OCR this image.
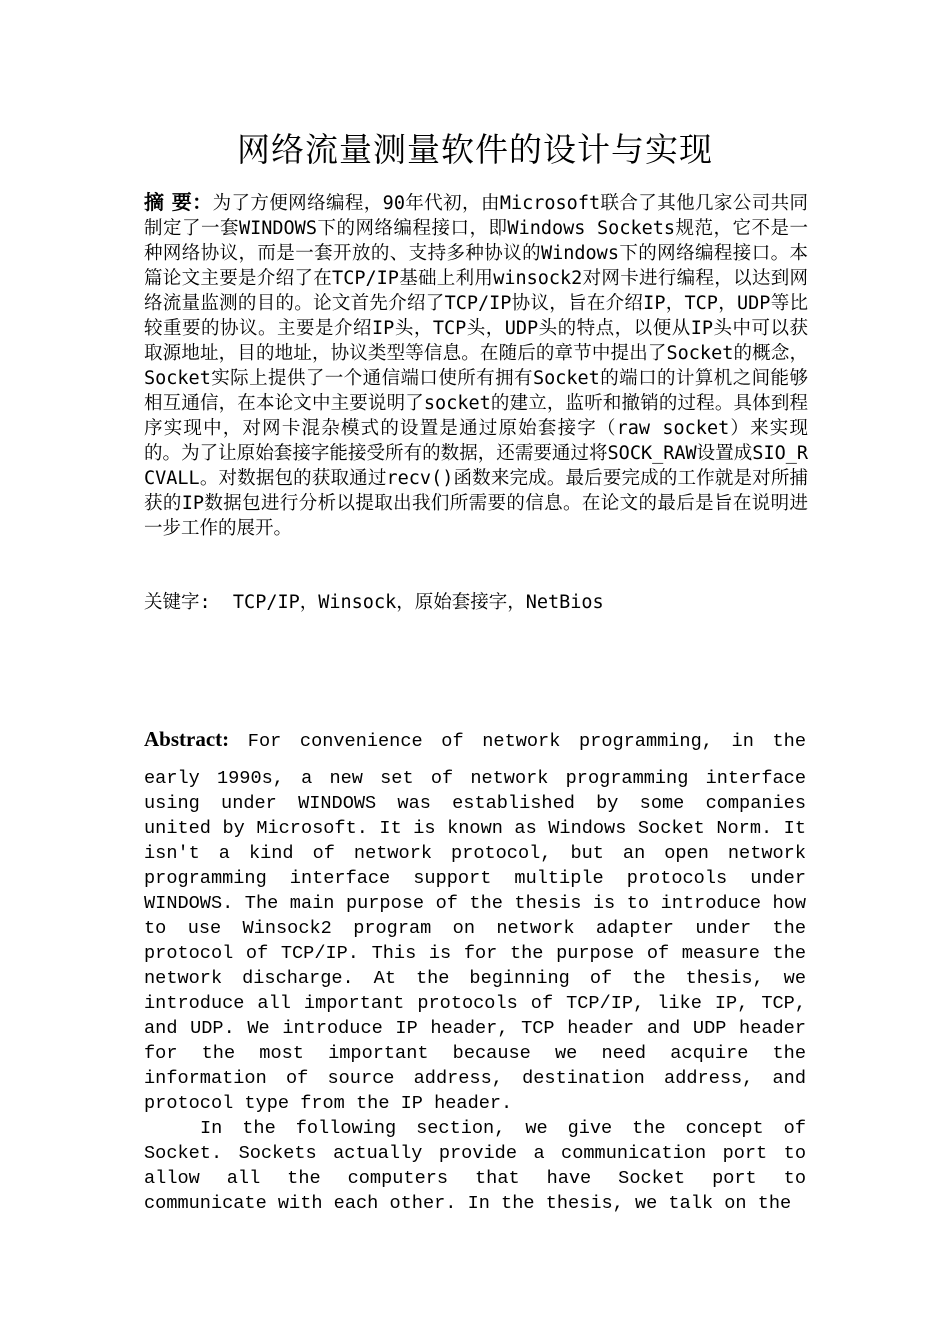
网络流量测量软件的设计与实现
摘 要：为了方便网络编程，90年代初，由Microsoft联合了其他几家公司共同制定了一套WINDOWS下的网络编程接口，即Windows Sockets规范，它不是一种网络协议，而是一套开放的、支持多种协议的Windows下的网络编程接口。本篇论文主要是介绍了在TCP/IP基础上利用winsock2对网卡进行编程，以达到网络流量监测的目的。论文首先介绍了TCP/IP协议，旨在介绍IP，TCP，UDP等比较重要的协议。主要是介绍IP头，TCP头，UDP头的特点，以便从IP头中可以获取源地址，目的地址，协议类型等信息。在随后的章节中提出了Socket的概念，Socket实际上提供了一个通信端口使所有拥有Socket的端口的计算机之间能够相互通信，在本论文中主要说明了socket的建立，监听和撤销的过程。具体到程序实现中，对网卡混杂模式的设置是通过原始套接字（raw socket）来实现的。为了让原始套接字能接受所有的数据，还需要通过将SOCK_RAW设置成SIO_RCVALL。对数据包的获取通过recv()函数来完成。最后要完成的工作就是对所捕获的IP数据包进行分析以提取出我们所需要的信息。在论文的最后是旨在说明进一步工作的展开。
关键字: TCP/IP，Winsock，原始套接字，NetBios

Abstract: For convenience of network programming, in the

early 1990s, a new set of network programming interface using under WINDOWS was established by some companies united by Microsoft. It is known as Windows Socket Norm. It isn't a kind of network protocol, but an open network programming interface support multiple protocols under WINDOWS. The main purpose of the thesis is to introduce how to use Winsock2 program on network adapter under the protocol of TCP/IP. This is for the purpose of measure the network discharge. At the beginning of the thesis, we introduce all important protocols of TCP/IP, like IP, TCP, and UDP. We introduce IP header, TCP header and UDP header for the most important because we need acquire the information of source address, destination address, and protocol type from the IP header.

In the following section, we give the concept of Socket. Sockets actually provide a communication port to allow all the computers that have Socket port to communicate with each other. In the thesis, we talk on the
